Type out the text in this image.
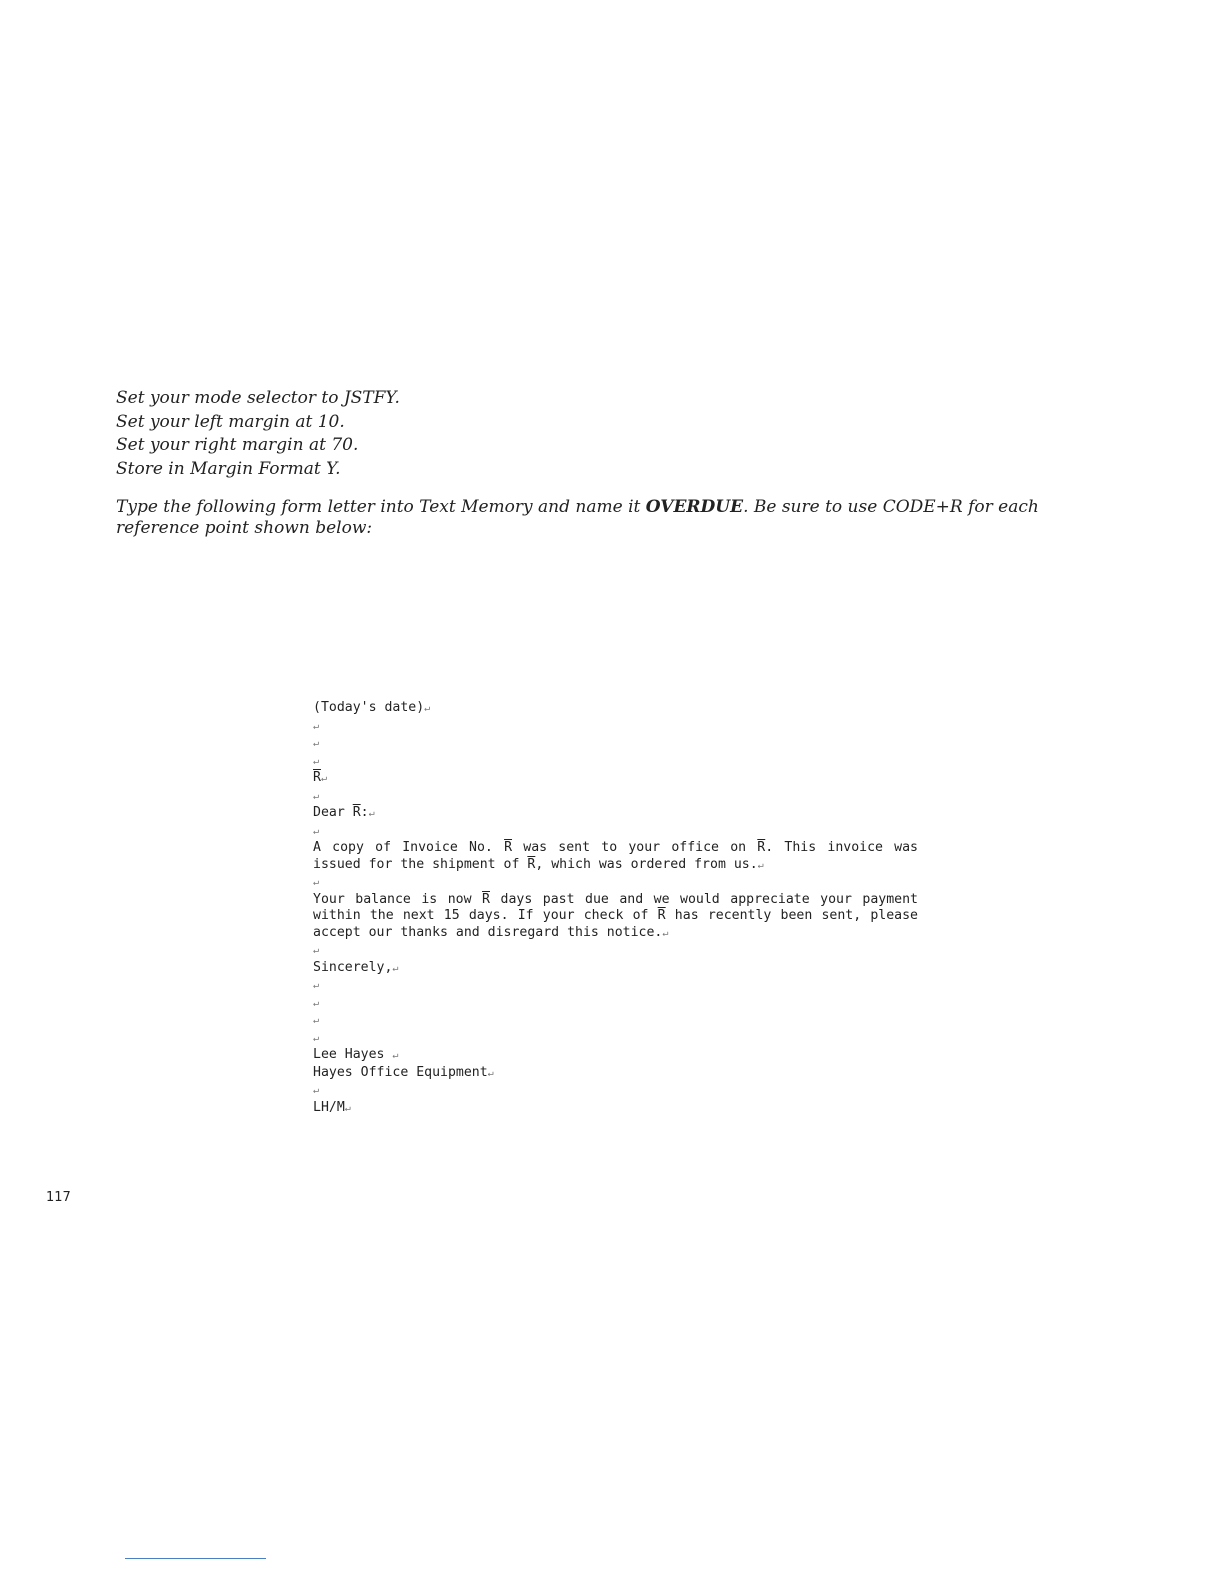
Set your mode selector to JSTFY.
Set your left margin at 10.
Set your right margin at 70.
Store in Margin Format Y.
Type the following form letter into Text Memory and name it OVERDUE. Be sure to use CODE+R for each reference point shown below:
(Today's date)↵
↵
↵
↵
$\overline{R}↵$
↵
Dear $\overline{R}:↵$
↵
A copy of Invoice No. $\overline{R}$ was sent to your office on $\overline{R}$. This invoice was issued for the shipment of $\overline{R}$, which was ordered from us.↵
↵
Your balance is now $\overline{R}$ days past due and we would appreciate your payment within the next 15 days. If your check of $\overline{R}$ has recently been sent, please accept our thanks and disregard this notice.↵
↵
Sincerely,↵
↵
↵
↵
↵
Lee Hayes ↵
Hayes Office Equipment↵
↵
LH/M↵
117
